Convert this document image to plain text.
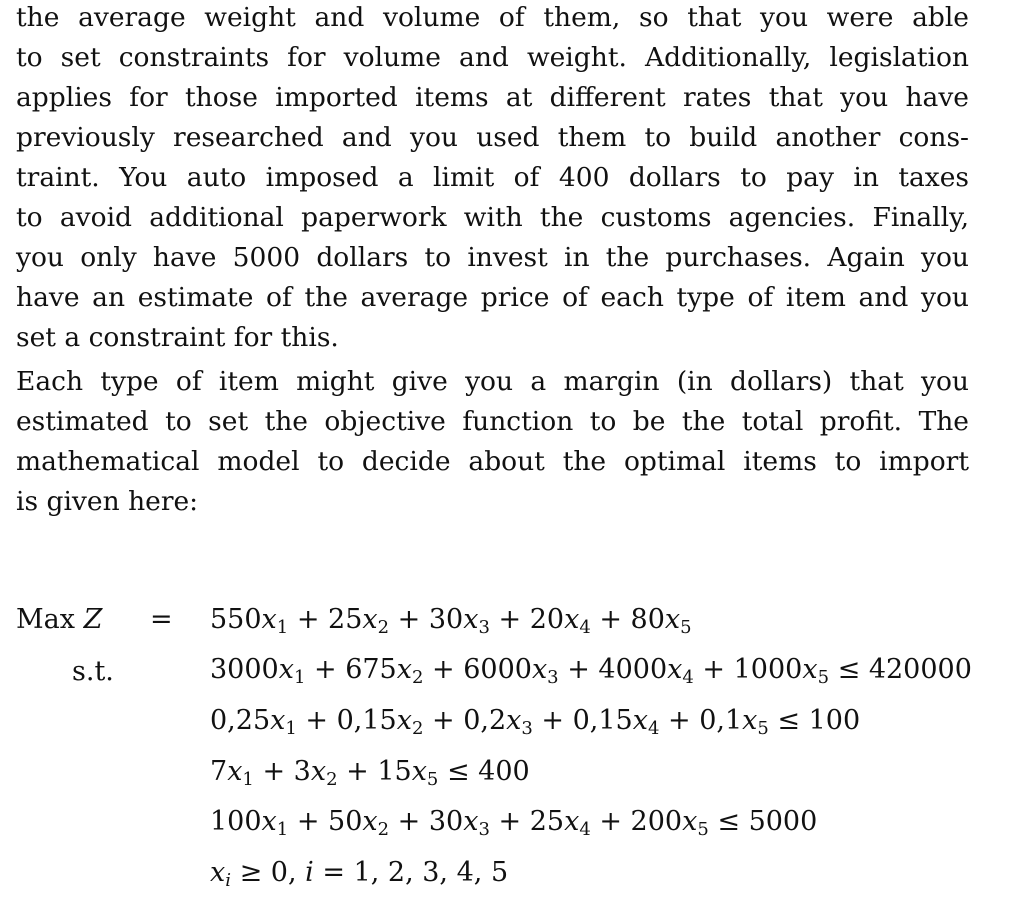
the average weight and volume of them, so that you were able
to set constraints for volume and weight. Additionally, legislation
applies for those imported items at different rates that you have
previously researched and you used them to build another cons-
traint. You auto imposed a limit of 400 dollars to pay in taxes
to avoid additional paperwork with the customs agencies. Finally,
you only have 5000 dollars to invest in the purchases. Again you
have an estimate of the average price of each type of item and you
set a constraint for this.
Each type of item might give you a margin (in dollars) that you
estimated to set the objective function to be the total profit. The
mathematical model to decide about the optimal items to import
is given here:
Max Z =
s.t.
$550x_1 + 25x_2 + 30x_3 + 20x_4 + 80x_5$
$3000x_1 + 675x_2 + 6000x_3 + 4000x_4 + 1000x_5 \le 420000$
$0,25x_1 + 0,15x_2 + 0,2x_3 + 0,15x_4 + 0,1x_5 \le 100$
$7x_1 + 3x_2 + 15x_5 \le 400$
$100x_1 + 50x_2 + 30x_3 + 25x_4 + 200x_5 \le 5000$
$x_i \ge 0$, i = 1, 2, 3, 4, 5
